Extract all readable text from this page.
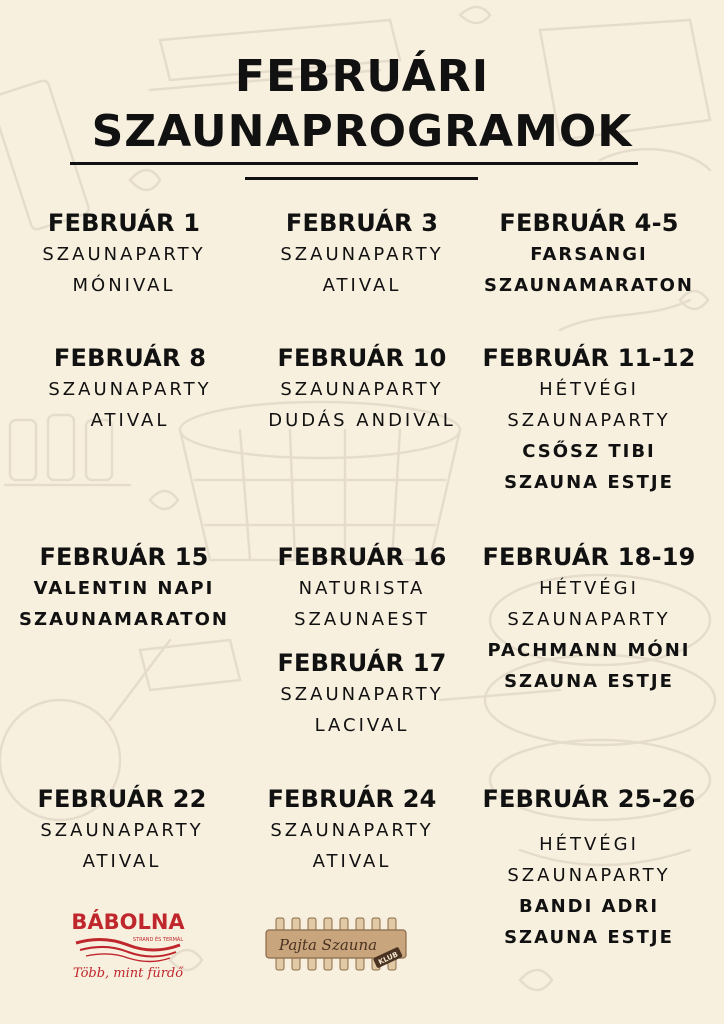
FEBRUÁRI
SZAUNAPROGRAMOK
FEBRUÁR 1
SZAUNAPARTY
MÓNIVAL
FEBRUÁR 3
SZAUNAPARTY
ATIVAL
FEBRUÁR 4-5
FARSANGI
SZAUNAMARATON
FEBRUÁR 8
SZAUNAPARTY
ATIVAL
FEBRUÁR 10
SZAUNAPARTY
DUDÁS ANDIVAL
FEBRUÁR 11-12
HÉTVÉGI
SZAUNAPARTY
CSŐSZ TIBI
SZAUNA ESTJE
FEBRUÁR 15
VALENTIN NAPI
SZAUNAMARATON
FEBRUÁR 16
NATURISTA
SZAUNAEST
FEBRUÁR 17
SZAUNAPARTY
LACIVAL
FEBRUÁR 18-19
HÉTVÉGI
SZAUNAPARTY
PACHMANN MÓNI
SZAUNA ESTJE
FEBRUÁR 22
SZAUNAPARTY
ATIVAL
FEBRUÁR 24
SZAUNAPARTY
ATIVAL
FEBRUÁR 25-26
HÉTVÉGI
SZAUNAPARTY
BANDI ADRI
SZAUNA ESTJE
BÁBOLNA
STRAND ÉS TERMÁL
Több, mint fürdő
Pajta Szauna
KLUB
